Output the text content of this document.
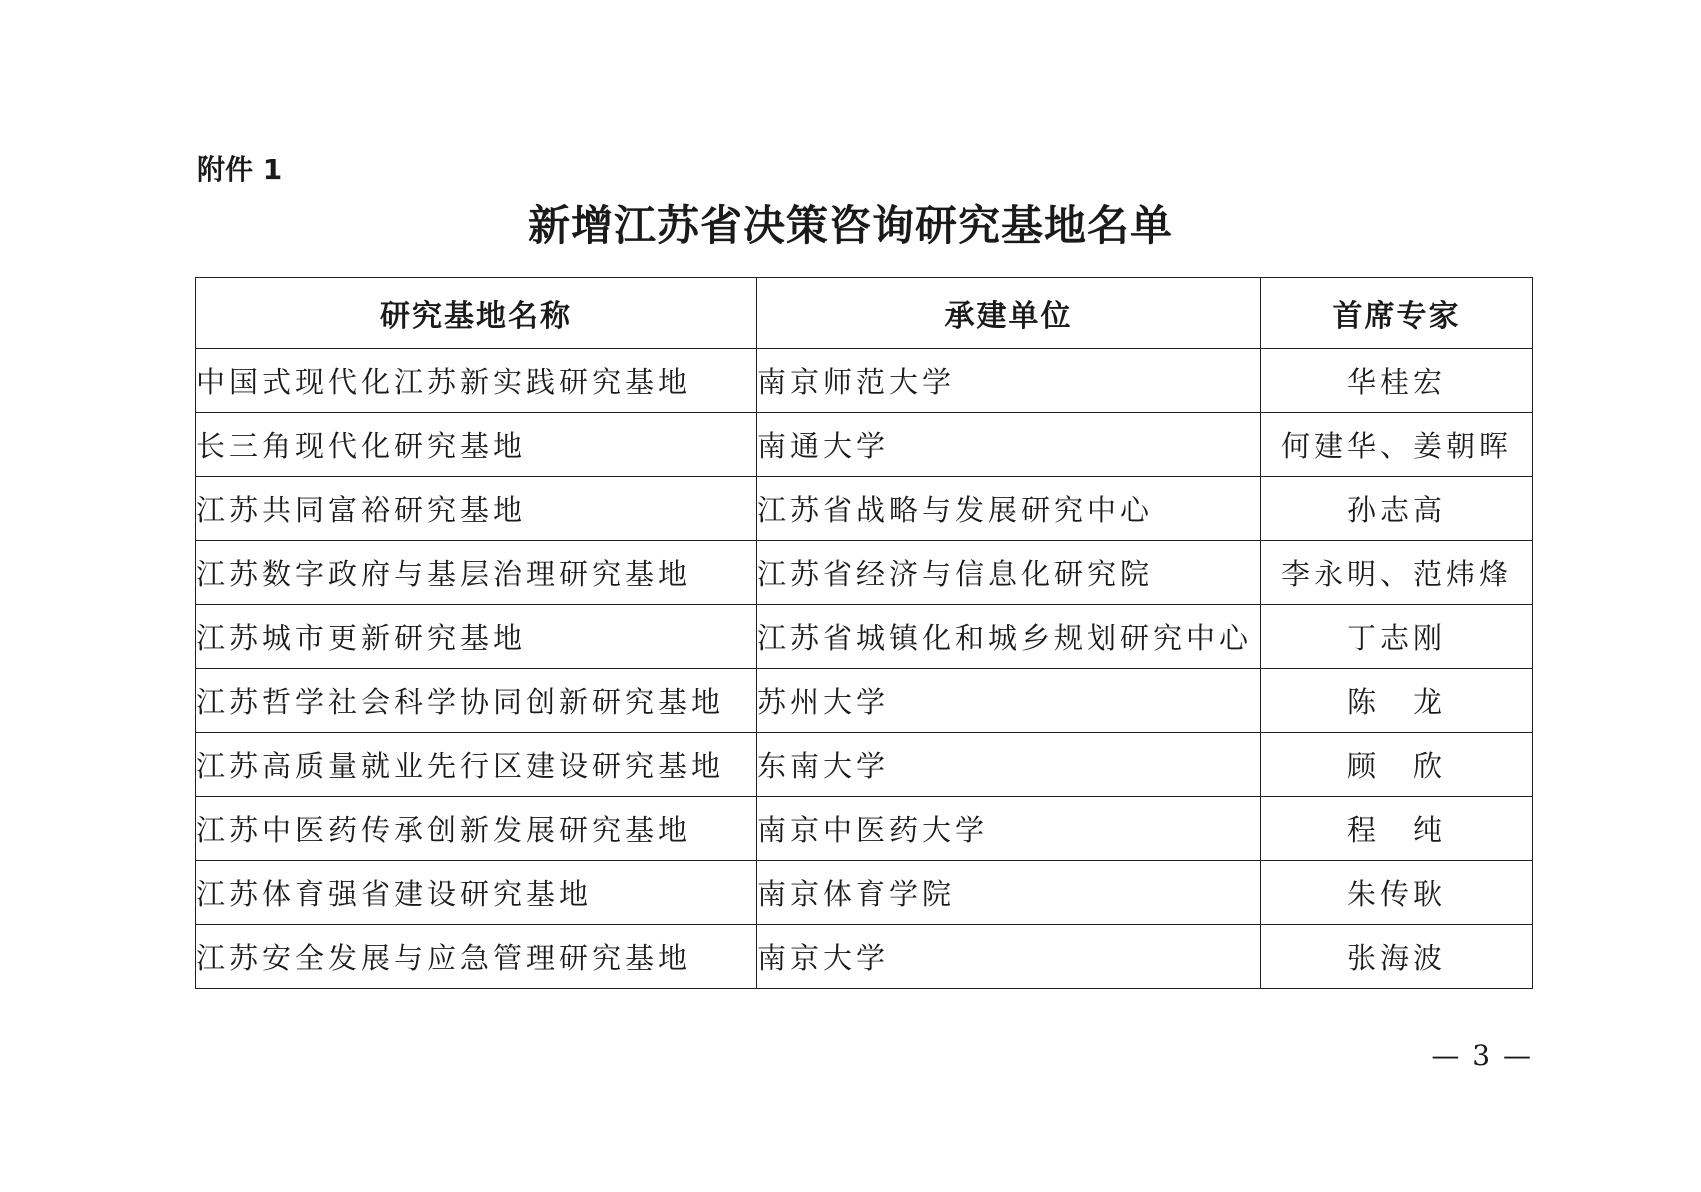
附件 1
新增江苏省决策咨询研究基地名单
研究基地名称	承建单位	首席专家
中国式现代化江苏新实践研究基地	南京师范大学	华桂宏
长三角现代化研究基地	南通大学	何建华、姜朝晖
江苏共同富裕研究基地	江苏省战略与发展研究中心	孙志高
江苏数字政府与基层治理研究基地	江苏省经济与信息化研究院	李永明、范炜烽
江苏城市更新研究基地	江苏省城镇化和城乡规划研究中心	丁志刚
江苏哲学社会科学协同创新研究基地	苏州大学	陈　龙
江苏高质量就业先行区建设研究基地	东南大学	顾　欣
江苏中医药传承创新发展研究基地	南京中医药大学	程　纯
江苏体育强省建设研究基地	南京体育学院	朱传耿
江苏安全发展与应急管理研究基地	南京大学	张海波
— 3 —
